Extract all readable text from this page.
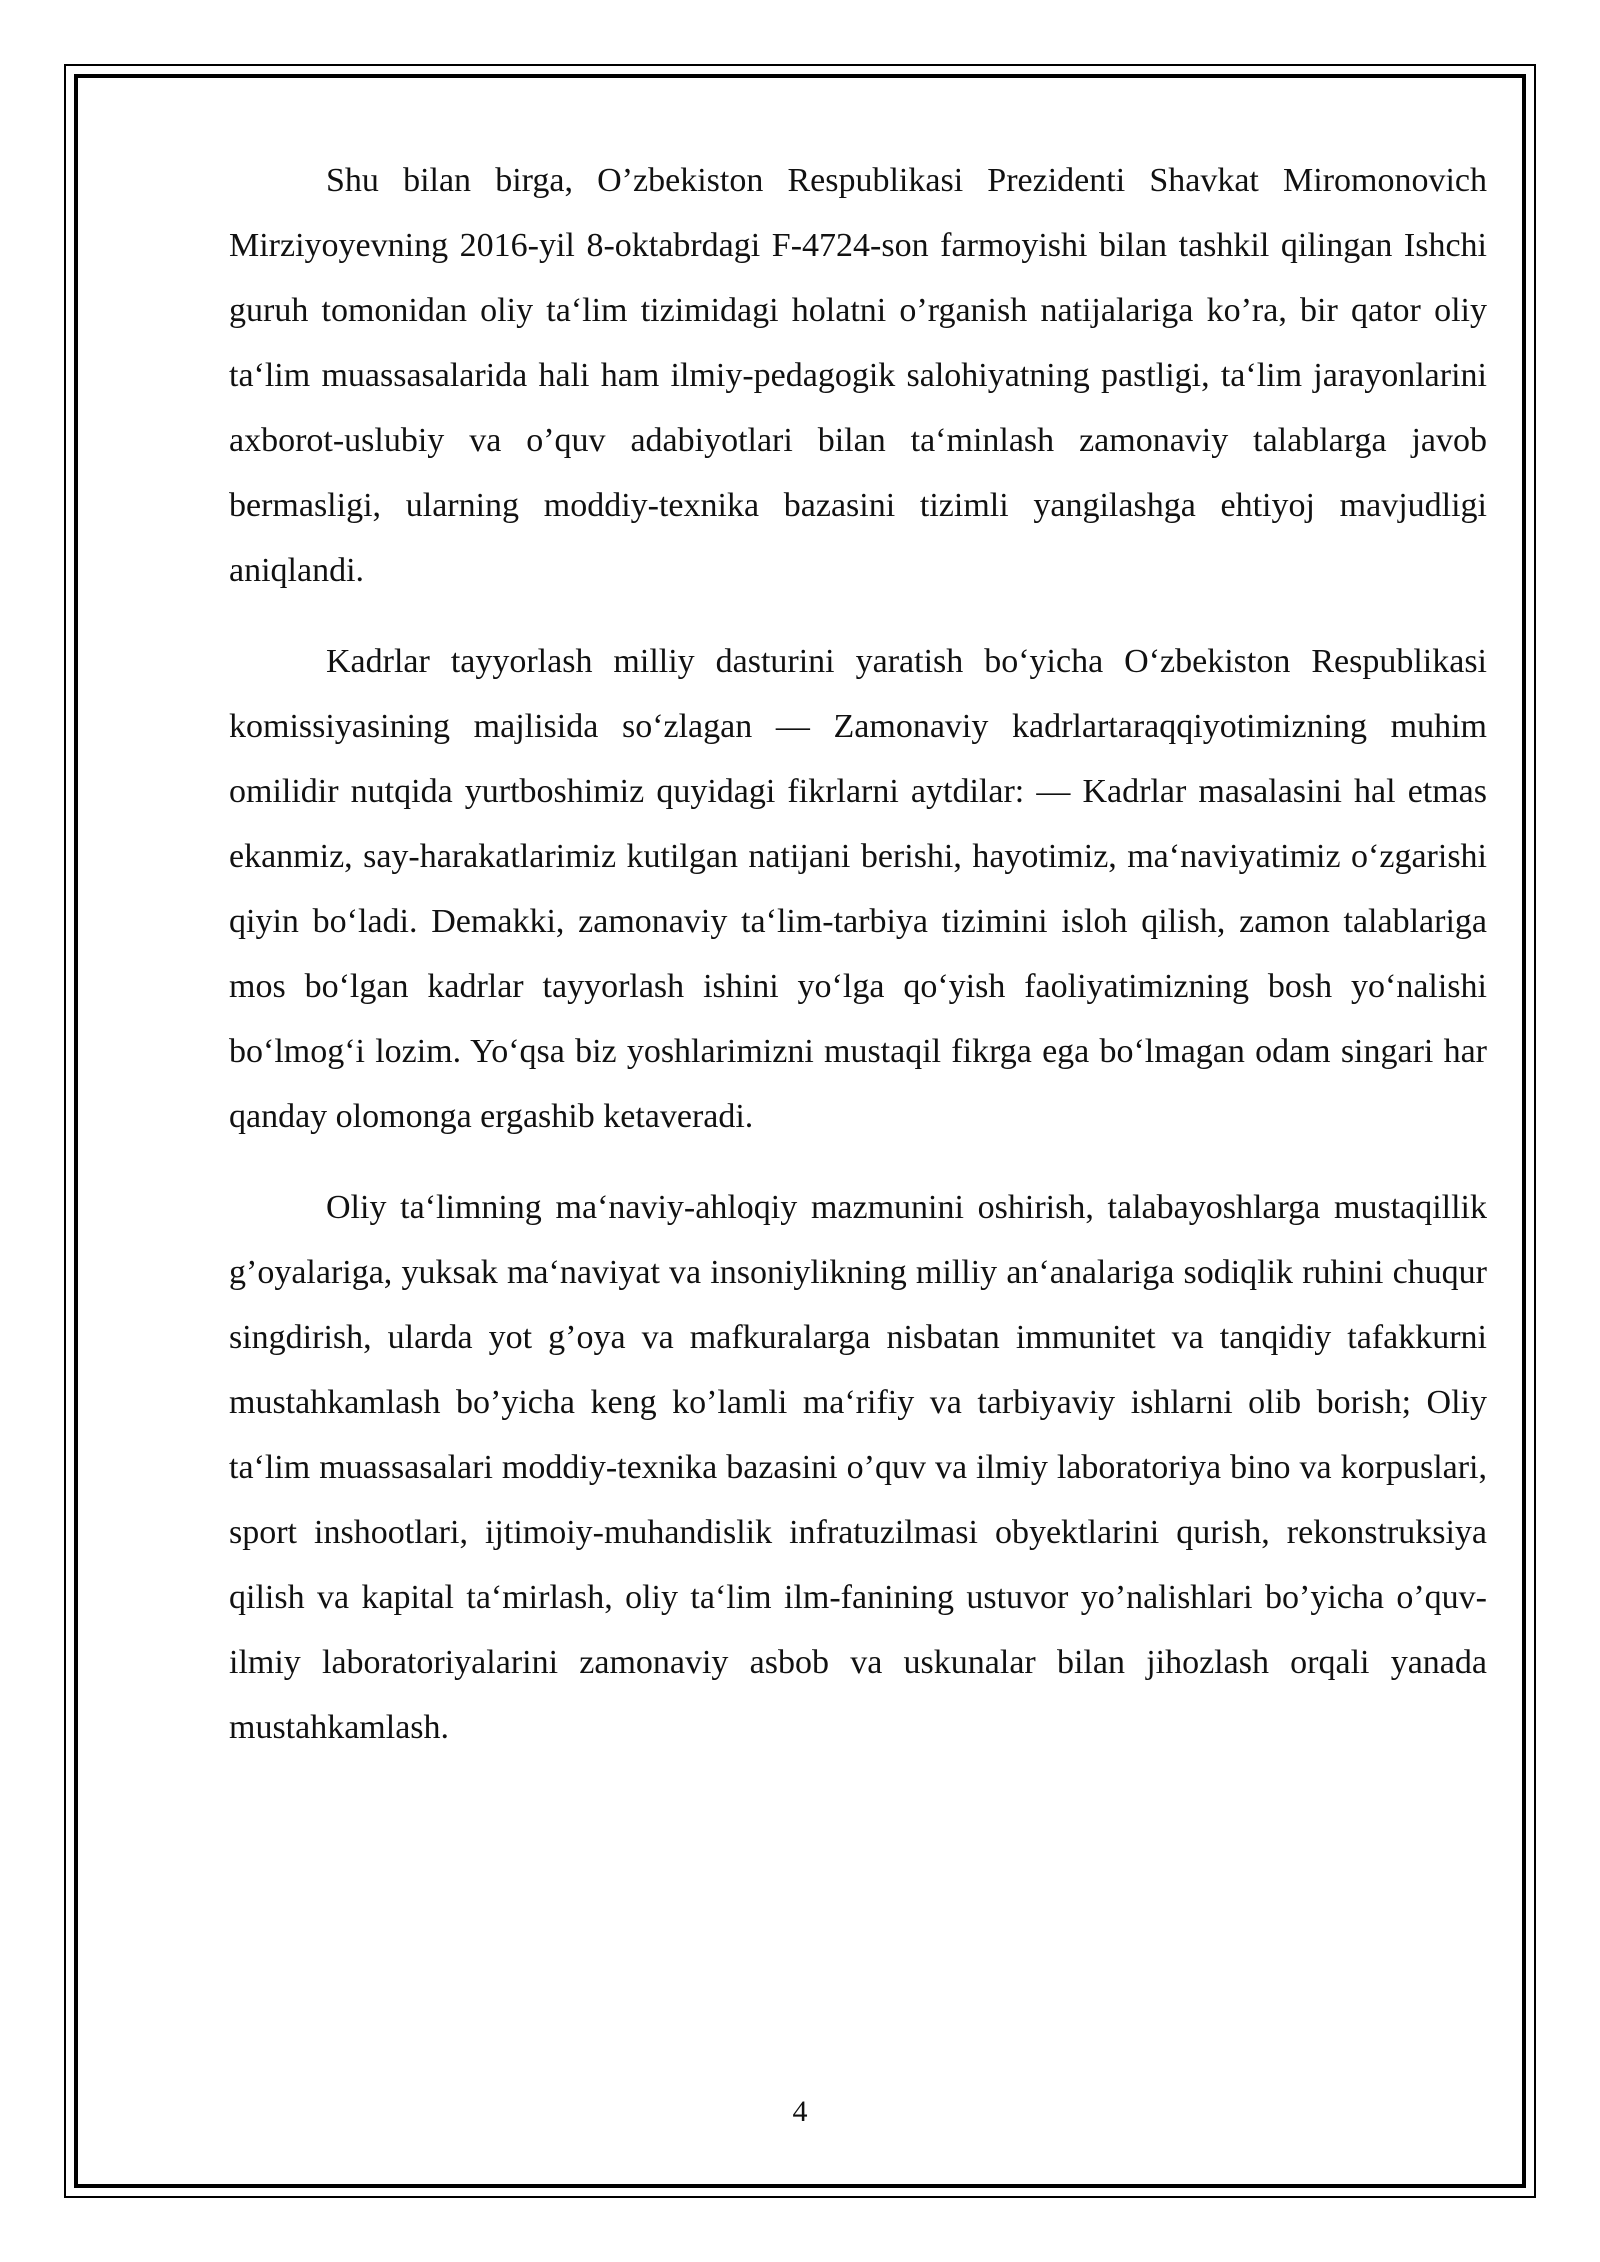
Shu bilan birga, O’zbekiston Respublikasi Prezidenti Shavkat Miromonovich Mirziyoyevning 2016-yil 8-oktabrdagi F-4724-son farmoyishi bilan tashkil qilingan Ishchi guruh tomonidan oliy ta‘lim tizimidagi holatni o’rganish natijalariga ko’ra, bir qator oliy ta‘lim muassasalarida hali ham ilmiy-pedagogik salohiyatning pastligi, ta‘lim jarayonlarini axborot-uslubiy va o’quv adabiyotlari bilan ta‘minlash zamonaviy talablarga javob bermasligi, ularning moddiy-texnika bazasini tizimli yangilashga ehtiyoj mavjudligi aniqlandi.

Kadrlar tayyorlash milliy dasturini yaratish bo‘yicha O‘zbekiston Respublikasi komissiyasining majlisida so‘zlagan — Zamonaviy kadrlartaraqqiyotimizning muhim omilidir nutqida yurtboshimiz quyidagi fikrlarni aytdilar: — Kadrlar masalasini hal etmas ekanmiz, say-harakatlarimiz kutilgan natijani berishi, hayotimiz, ma‘naviyatimiz o‘zgarishi qiyin bo‘ladi. Demakki, zamonaviy ta‘lim-tarbiya tizimini isloh qilish, zamon talablariga mos bo‘lgan kadrlar tayyorlash ishini yo‘lga qo‘yish faoliyatimizning bosh yo‘nalishi bo‘lmog‘i lozim. Yo‘qsa biz yoshlarimizni mustaqil fikrga ega bo‘lmagan odam singari har qanday olomonga ergashib ketaveradi.

Oliy ta‘limning ma‘naviy-ahloqiy mazmunini oshirish, talabayoshlarga mustaqillik g’oyalariga, yuksak ma‘naviyat va insoniylikning milliy an‘analariga sodiqlik ruhini chuqur singdirish, ularda yot g’oya va mafkuralarga nisbatan immunitet va tanqidiy tafakkurni mustahkamlash bo’yicha keng ko’lamli ma‘rifiy va tarbiyaviy ishlarni olib borish; Oliy ta‘lim muassasalari moddiy-texnika bazasini o’quv va ilmiy laboratoriya bino va korpuslari, sport inshootlari, ijtimoiy-muhandislik infratuzilmasi obyektlarini qurish, rekonstruksiya qilish va kapital ta‘mirlash, oliy ta‘lim ilm-fanining ustuvor yo’nalishlari bo’yicha o’quv-ilmiy laboratoriyalarini zamonaviy asbob va uskunalar bilan jihozlash orqali yanada mustahkamlash.

4
